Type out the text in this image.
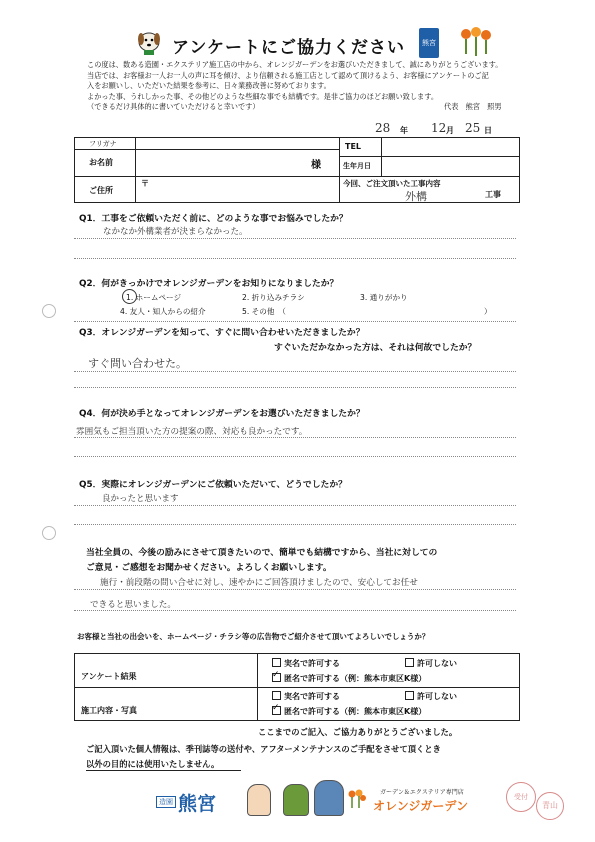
アンケートにご協力ください	熊宮
この度は、数ある造園・エクステリア施工店の中から、オレンジガーデンをお選びいただきまして、誠にありがとうございます。
当店では、お客様お一人お一人の声に耳を傾け、より信頼される施工店として認めて頂けるよう、お客様にアンケートのご記
入をお願いし、いただいた結果を参考に、日々業務改善に努めております。
よかった事、うれしかった事、その他どのような些細な事でも結構です。是非ご協力のほどお願い致します。
（できるだけ具体的に書いていただけると幸いです）	代表　熊宮　照男
28 年 12 月 25 日
フリガナ
お名前	様
TEL
生年月日
ご住所
〒	今回、ご注文頂いた工事内容
外構	工事
Q1．工事をご依頼いただく前に、どのような事でお悩みでしたか？
なかなか外構業者が決まらなかった。
Q2．何がきっかけでオレンジガーデンをお知りになりましたか？
1. ホームページ	2. 折り込みチラシ	3. 通りがかり
4. 友人・知人からの紹介	5. その他　（	）
Q3．オレンジガーデンを知って、すぐに問い合わせいただきましたか？
すぐいただかなかった方は、それは何故でしたか？
すぐ問い合わせた。
Q4．何が決め手となってオレンジガーデンをお選びいただきましたか？
雰囲気もご担当頂いた方の提案の際、対応も良かったです。
Q5．実際にオレンジガーデンにご依頼いただいて、どうでしたか？
良かったと思います
当社全員の、今後の励みにさせて頂きたいので、簡単でも結構ですから、当社に対しての
ご意見・ご感想をお聞かせください。よろしくお願いします。
施行・前段階の問い合せに対し、速やかにご回答頂けましたので、安心してお任せ
できると思いました。
お客様と当社の出会いを、ホームページ・チラシ等の広告物でご紹介させて頂いてよろしいでしょうか？
アンケート結果
実名で許可する	許可しない
✓ 匿名で許可する（例：熊本市東区K様）
施工内容・写真
実名で許可する	許可しない
✓ 匿名で許可する（例：熊本市東区K様）
ここまでのご記入、ご協力ありがとうございました。
ご記入頂いた個人情報は、季刊誌等の送付や、アフターメンテナンスのご手配をさせて頂くとき
以外の目的には使用いたしません。
造園 熊宮
ガーデン＆エクステリア専門店
オレンジガーデン
受付
青山
